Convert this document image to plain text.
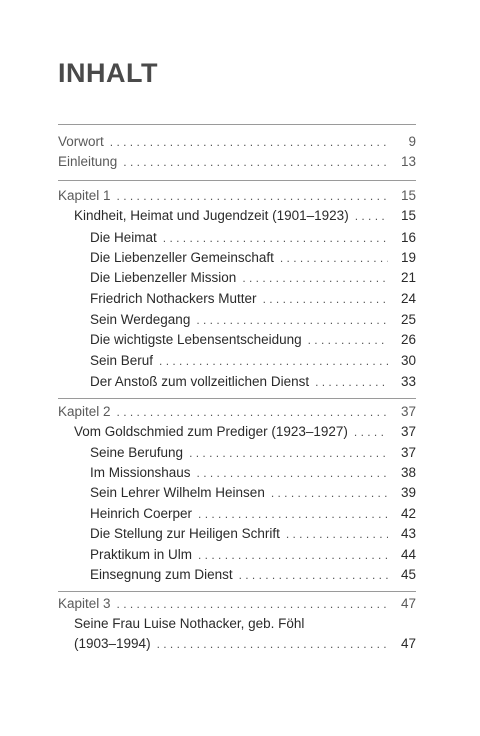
INHALT
Vorwort . . .	9
Einleitung . . .	13
Kapitel 1 . . .	15
Kindheit, Heimat und Jugendzeit (1901–1923) . . .	15
Die Heimat . . .	16
Die Liebenzeller Gemeinschaft . . .	19
Die Liebenzeller Mission . . .	21
Friedrich Nothackers Mutter . . .	24
Sein Werdegang . . .	25
Die wichtigste Lebensentscheidung . . .	26
Sein Beruf . . .	30
Der Anstoß zum vollzeitlichen Dienst . . .	33
Kapitel 2 . . .	37
Vom Goldschmied zum Prediger (1923–1927) . . .	37
Seine Berufung . . .	37
Im Missionshaus . . .	38
Sein Lehrer Wilhelm Heinsen . . .	39
Heinrich Coerper . . .	42
Die Stellung zur Heiligen Schrift . . .	43
Praktikum in Ulm . . .	44
Einsegnung zum Dienst . . .	45
Kapitel 3 . . .	47
Seine Frau Luise Nothacker, geb. Föhl
(1903–1994) . . .	47
